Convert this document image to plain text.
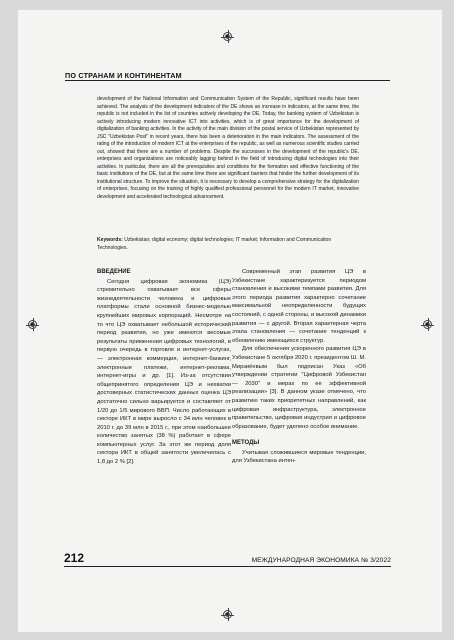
ПО СТРАНАМ И КОНТИНЕНТАМ
development of the National Information and Communication System of the Republic, significant results have been achieved. The analysis of the development indicators of the DE shows an increase in indicators, at the same time, the republic is not included in the list of countries actively developing the DE. Today, the banking system of Uzbekistan is actively introducing modern innovative ICT into activities, which is of great importance for the development of digitalization of banking activities. In the activity of the main division of the postal service of Uzbekistan represented by JSC "Uzbekistan Post" in recent years, there has been a deterioration in the main indicators. The assessment of the rating of the introduction of modern ICT at the enterprises of the republic, as well as numerous scientific studies carried out, showed that there are a number of problems. Despite the successes in the development of the republic's DE, enterprises and organizations are noticeably lagging behind in the field of introducing digital technologies into their activities. In particular, there are all the prerequisites and conditions for the formation and effective functioning of the basic institutions of the DE, but at the same time there are significant barriers that hinder the further development of its institutional structure. To improve the situation, it is necessary to develop a comprehensive strategy for the digitalization of enterprises, focusing on the training of highly qualified professional personnel for the modern IT market, innovative development and accelerated technological advancement.
Keywords: Uzbekistan; digital economy; digital technologies; IT market; Information and Communication Technologies.
ВВЕДЕНИЕ

Сегодня цифровая экономика (ЦЭ) стремительно охватывает все сферы жизнедеятельности человека и цифровые платформы стали основной бизнес-моделью крупнейших мировых корпораций. Несмотря на то что ЦЭ охватывает небольшой исторический период развития, но уже имеются весомые результаты применения цифровых технологий, в первую очередь в торговле и интернет-услугах, — электронная коммерция, интернет-банкинг, электронные платежи, интернет-реклама, интернет-игры и др. [1]. Из-за отсутствия общепринятого определения ЦЭ и нехватки достоверных статистических данных оценка ЦЭ достаточно сильно варьируется и составляет от 1/20 до 1/5 мирового ВВП. Число работающих в секторе ИКТ в мире выросло с 34 млн человек в 2010 г. до 39 млн в 2015 г., при этом наибольшее количество занятых (38 %) работает в сфере компьютерных услуг. За этот же период доля сектора ИКТ в общей занятости увеличилась с 1,8 до 2 % [2].

Современный этап развития ЦЭ в Узбекистане характеризуется периодом становления и высокими темпами развития. Для этого периода развития характерно сочетание максимальной неопределенности будущих состояний, с одной стороны, и высокой динамики развития — с другой. Вторая характерная черта этапа становления — сочетание тенденций к обновлению имеющихся структур.

Для обеспечения ускоренного развития ЦЭ в Узбекистане 5 октября 2020 г. президентом Ш. М. Мирзиёевым был подписан Указ «Об утверждении стратегии "Цифровой Узбекистан — 2030" и мерах по ее эффективной реализации» [3]. В данном указе отмечено, что развитию таких приоритетных направлений, как цифровая инфраструктура, электронное правительство, цифровая индустрия и цифровое образование, будет уделено особое внимание.

МЕТОДЫ

Учитывая сложившиеся мировые тенденции, для Узбекистана интен-

212	МЕЖДУНАРОДНАЯ ЭКОНОМИКА № 3/2022
